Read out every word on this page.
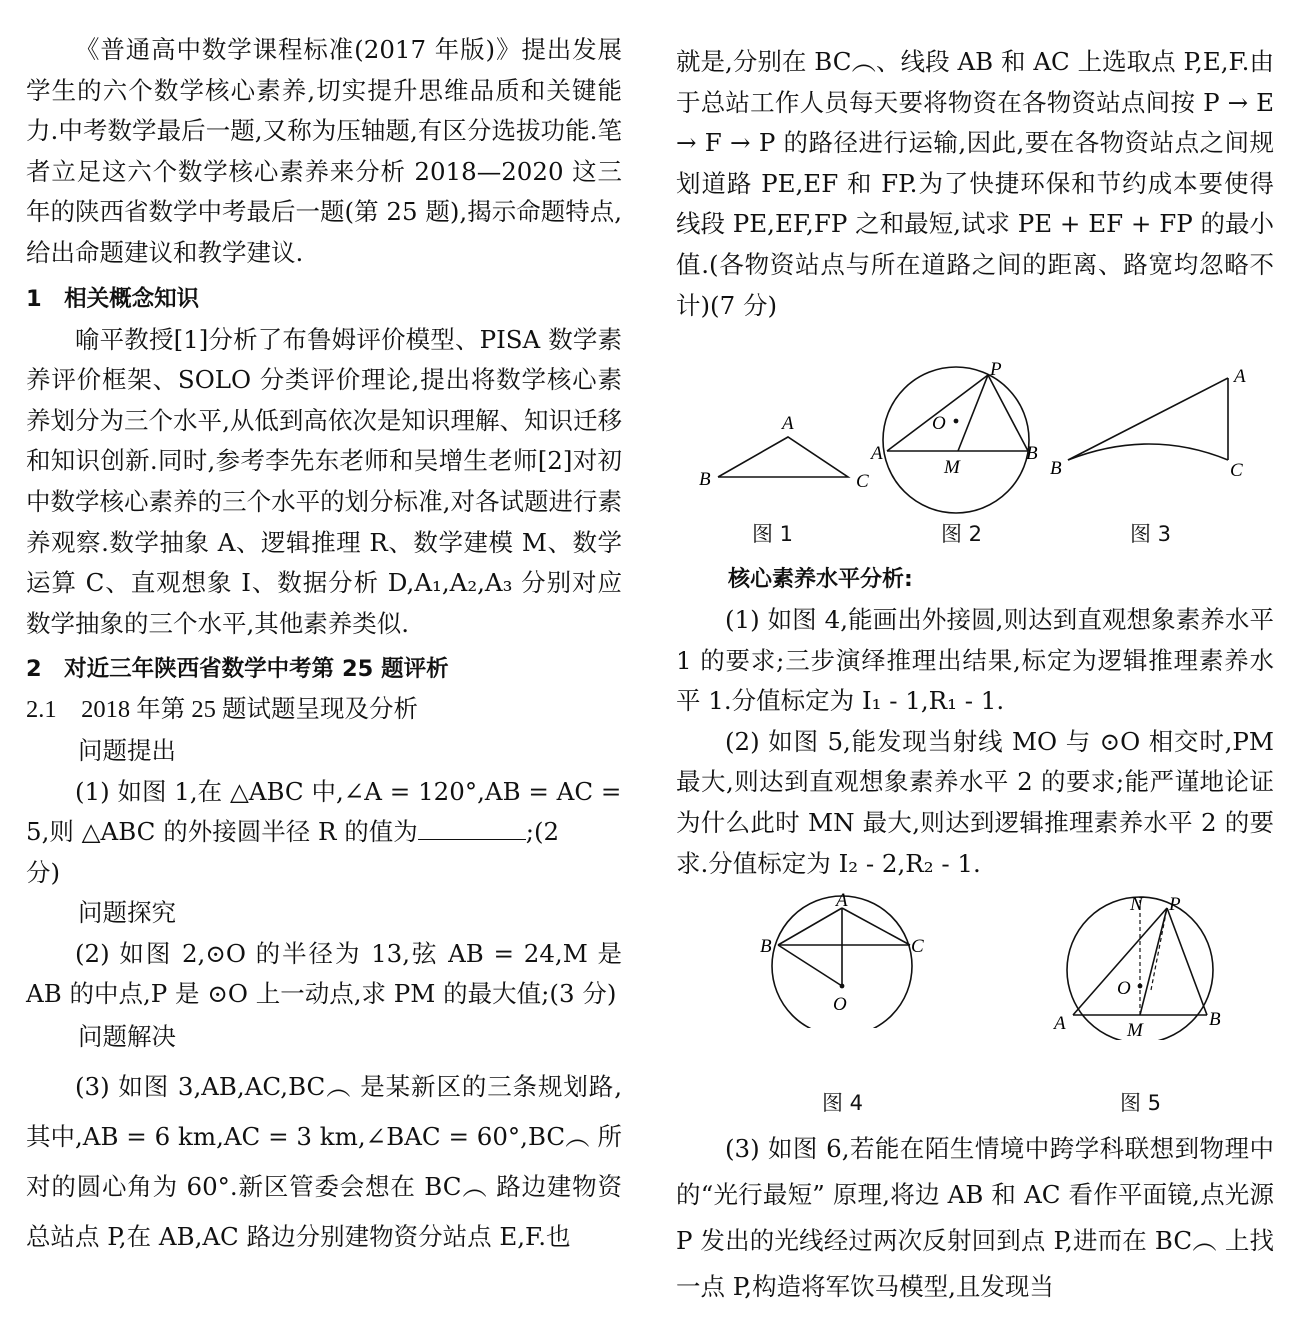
《普通高中数学课程标准(2017 年版)》提出发展学生的六个数学核心素养,切实提升思维品质和关键能力.中考数学最后一题,又称为压轴题,有区分选拔功能.笔者立足这六个数学核心素养来分析 2018—2020 这三年的陕西省数学中考最后一题(第 25 题),揭示命题特点,给出命题建议和教学建议.

1　相关概念知识

喻平教授[1]分析了布鲁姆评价模型、PISA 数学素养评价框架、SOLO 分类评价理论,提出将数学核心素养划分为三个水平,从低到高依次是知识理解、知识迁移和知识创新.同时,参考李先东老师和吴增生老师[2]对初中数学核心素养的三个水平的划分标准,对各试题进行素养观察.数学抽象 A、逻辑推理 R、数学建模 M、数学运算 C、直观想象 I、数据分析 D,A₁,A₂,A₃ 分别对应数学抽象的三个水平,其他素养类似.

2　对近三年陕西省数学中考第 25 题评析

2.1　2018 年第 25 题试题呈现及分析

问题提出

(1) 如图 1,在 △ABC 中,∠A = 120°,AB = AC =

5,则 △ABC 的外接圆半径 R 的值为	;(2

分)

问题探究

(2) 如图 2,⊙O 的半径为 13,弦 AB = 24,M 是 AB 的中点,P 是 ⊙O 上一动点,求 PM 的最大值;(3 分)

问题解决

(3) 如图 3,AB,AC,BC︵ 是某新区的三条规划路,其中,AB = 6 km,AC = 3 km,∠BAC = 60°,BC︵ 所对的圆心角为 60°.新区管委会想在 BC︵ 路边建物资总站点 P,在 AB,AC 路边分别建物资分站点 E,F.也

就是,分别在 BC︵、线段 AB 和 AC 上选取点 P,E,F.由于总站工作人员每天要将物资在各物资站点间按 P → E → F → P 的路径进行运输,因此,要在各物资站点之间规划道路 PE,EF 和 FP.为了快捷环保和节约成本要使得线段 PE,EF,FP 之和最短,试求 PE + EF + FP 的最小值.(各物资站点与所在道路之间的距离、路宽均忽略不计)(7 分)

A
B	C
P
O
A	B
M
A
B	C
图 1	图 2	图 3

核心素养水平分析:

(1) 如图 4,能画出外接圆,则达到直观想象素养水平 1 的要求;三步演绎推理出结果,标定为逻辑推理素养水平 1.分值标定为 I₁ - 1,R₁ - 1.

(2) 如图 5,能发现当射线 MO 与 ⊙O 相交时,PM 最大,则达到直观想象素养水平 2 的要求;能严谨地论证为什么此时 MN 最大,则达到逻辑推理素养水平 2 的要求.分值标定为 I₂ - 2,R₂ - 1.

A
B	C
O
N P
O
A	B
M
图 4	图 5

(3) 如图 6,若能在陌生情境中跨学科联想到物理中的“光行最短” 原理,将边 AB 和 AC 看作平面镜,点光源 P 发出的光线经过两次反射回到点 P,进而在 BC︵ 上找一点 P,构造将军饮马模型,且发现当
